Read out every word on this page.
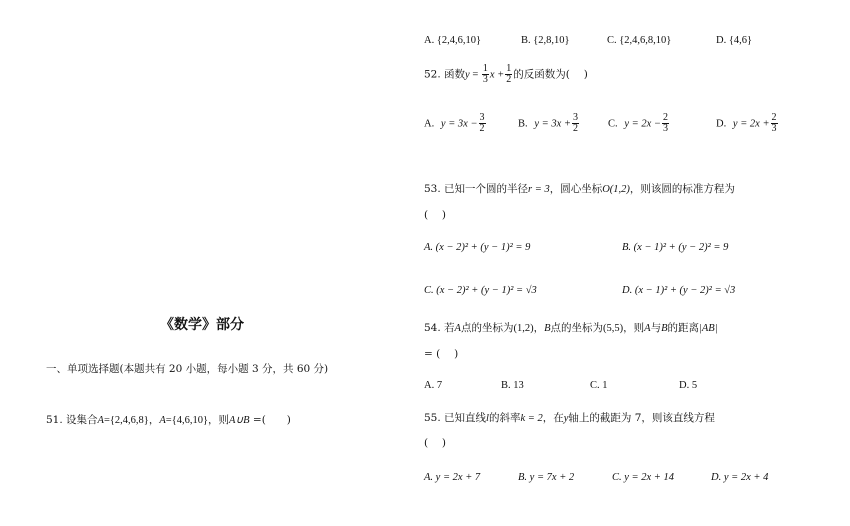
《数学》部分
一、单项选择题(本题共有 20 小题，每小题 3 分，共 60 分)
51. 设集合A={2,4,6,8}，A={4,6,10}，则A∪B =(　　)
A. {2,4,6,10}	B. {2,8,10}	C. {2,4,6,8,10}	D. {4,6}
52. 函数$y = \frac{1}{3}$ $x + \frac{1}{2}$ 的反函数为(　 )
A. $y = 3x - \frac{3}{2}$	B. $y = 3x + \frac{3}{2}$	C. $y = 2x - \frac{2}{3}$	D. $y = 2x + \frac{2}{3}$
53. 已知一个圆的半径r = 3，圆心坐标O(1,2)，则该圆的标准方程为
(　 )
A. (x − 2)² + (y − 1)² = 9	B. (x − 1)² + (y − 2)² = 9
C. (x − 2)² + (y − 1)² = √3	D. (x − 1)² + (y − 2)² = √3
54. 若A点的坐标为(1,2)，B点的坐标为(5,5)，则A与B的距离|AB|
= (　 )
A. 7	B. 13	C. 1	D. 5
55. 已知直线l的斜率k = 2，在y轴上的截距为 7，则该直线方程
(　 )
A. y = 2x + 7	B. y = 7x + 2	C. y = 2x + 14	D. y = 2x + 4
